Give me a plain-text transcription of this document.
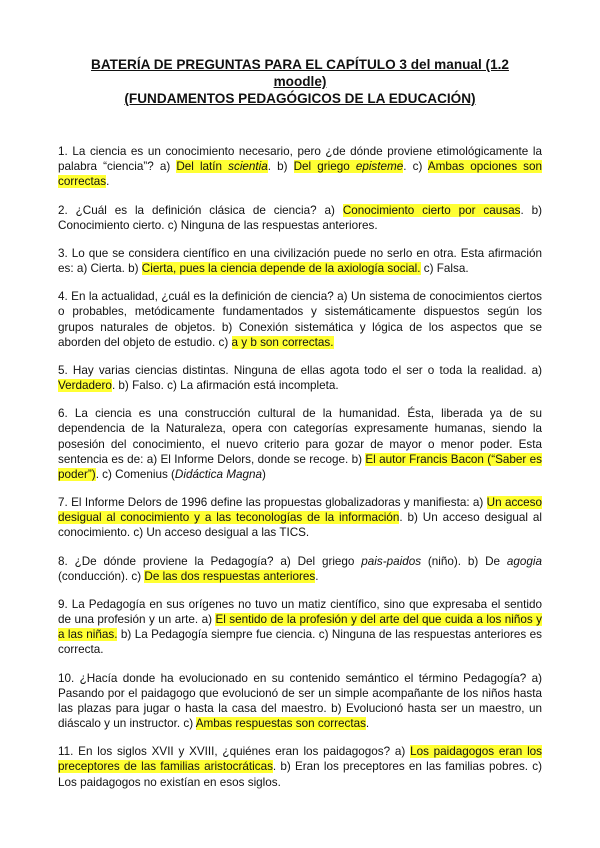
BATERÍA DE PREGUNTAS PARA EL CAPÍTULO 3 del manual (1.2 moodle)
(FUNDAMENTOS PEDAGÓGICOS DE LA EDUCACIÓN)

1. La ciencia es un conocimiento necesario, pero ¿de dónde proviene etimológicamente la palabra “ciencia”? a) Del latín scientia. b) Del griego episteme. c) Ambas opciones son correctas.

2. ¿Cuál es la definición clásica de ciencia? a) Conocimiento cierto por causas. b) Conocimiento cierto. c) Ninguna de las respuestas anteriores.

3. Lo que se considera científico en una civilización puede no serlo en otra. Esta afirmación es: a) Cierta. b) Cierta, pues la ciencia depende de la axiología social. c) Falsa.

4. En la actualidad, ¿cuál es la definición de ciencia? a) Un sistema de conocimientos ciertos o probables, metódicamente fundamentados y sistemáticamente dispuestos según los grupos naturales de objetos. b) Conexión sistemática y lógica de los aspectos que se aborden del objeto de estudio. c) a y b son correctas.

5. Hay varias ciencias distintas. Ninguna de ellas agota todo el ser o toda la realidad. a) Verdadero. b) Falso. c) La afirmación está incompleta.

6. La ciencia es una construcción cultural de la humanidad. Ésta, liberada ya de su dependencia de la Naturaleza, opera con categorías expresamente humanas, siendo la posesión del conocimiento, el nuevo criterio para gozar de mayor o menor poder. Esta sentencia es de: a) El Informe Delors, donde se recoge. b) El autor Francis Bacon (“Saber es poder”). c) Comenius (Didáctica Magna)

7. El Informe Delors de 1996 define las propuestas globalizadoras y manifiesta: a) Un acceso desigual al conocimiento y a las teconologías de la información. b) Un acceso desigual al conocimiento. c) Un acceso desigual a las TICS.

8. ¿De dónde proviene la Pedagogía? a) Del griego pais-paidos (niño). b) De agogia (conducción). c) De las dos respuestas anteriores.

9. La Pedagogía en sus orígenes no tuvo un matiz científico, sino que expresaba el sentido de una profesión y un arte. a) El sentido de la profesión y del arte del que cuida a los niños y a las niñas. b) La Pedagogía siempre fue ciencia. c) Ninguna de las respuestas anteriores es correcta.

10. ¿Hacía donde ha evolucionado en su contenido semántico el término Pedagogía? a) Pasando por el paidagogo que evolucionó de ser un simple acompañante de los niños hasta las plazas para jugar o hasta la casa del maestro. b) Evolucionó hasta ser un maestro, un diáscalo y un instructor. c) Ambas respuestas son correctas.

11. En los siglos XVII y XVIII, ¿quiénes eran los paidagogos? a) Los paidagogos eran los preceptores de las familias aristocráticas. b) Eran los preceptores en las familias pobres. c) Los paidagogos no existían en esos siglos.
